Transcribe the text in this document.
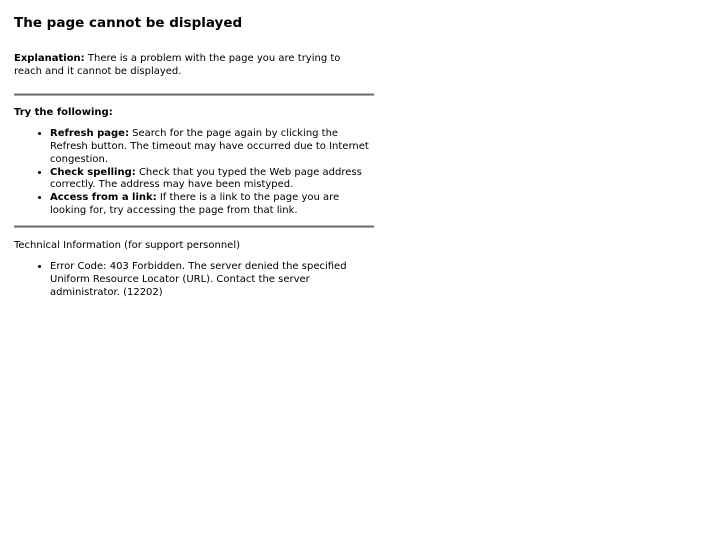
The page cannot be displayed

Explanation: There is a problem with the page you are trying to reach and it cannot be displayed.

Try the following:
• Refresh page: Search for the page again by clicking the Refresh button. The timeout may have occurred due to Internet congestion.
• Check spelling: Check that you typed the Web page address correctly. The address may have been mistyped.
• Access from a link: If there is a link to the page you are looking for, try accessing the page from that link.
Technical Information (for support personnel)
• Error Code: 403 Forbidden. The server denied the specified Uniform Resource Locator (URL). Contact the server administrator. (12202)
